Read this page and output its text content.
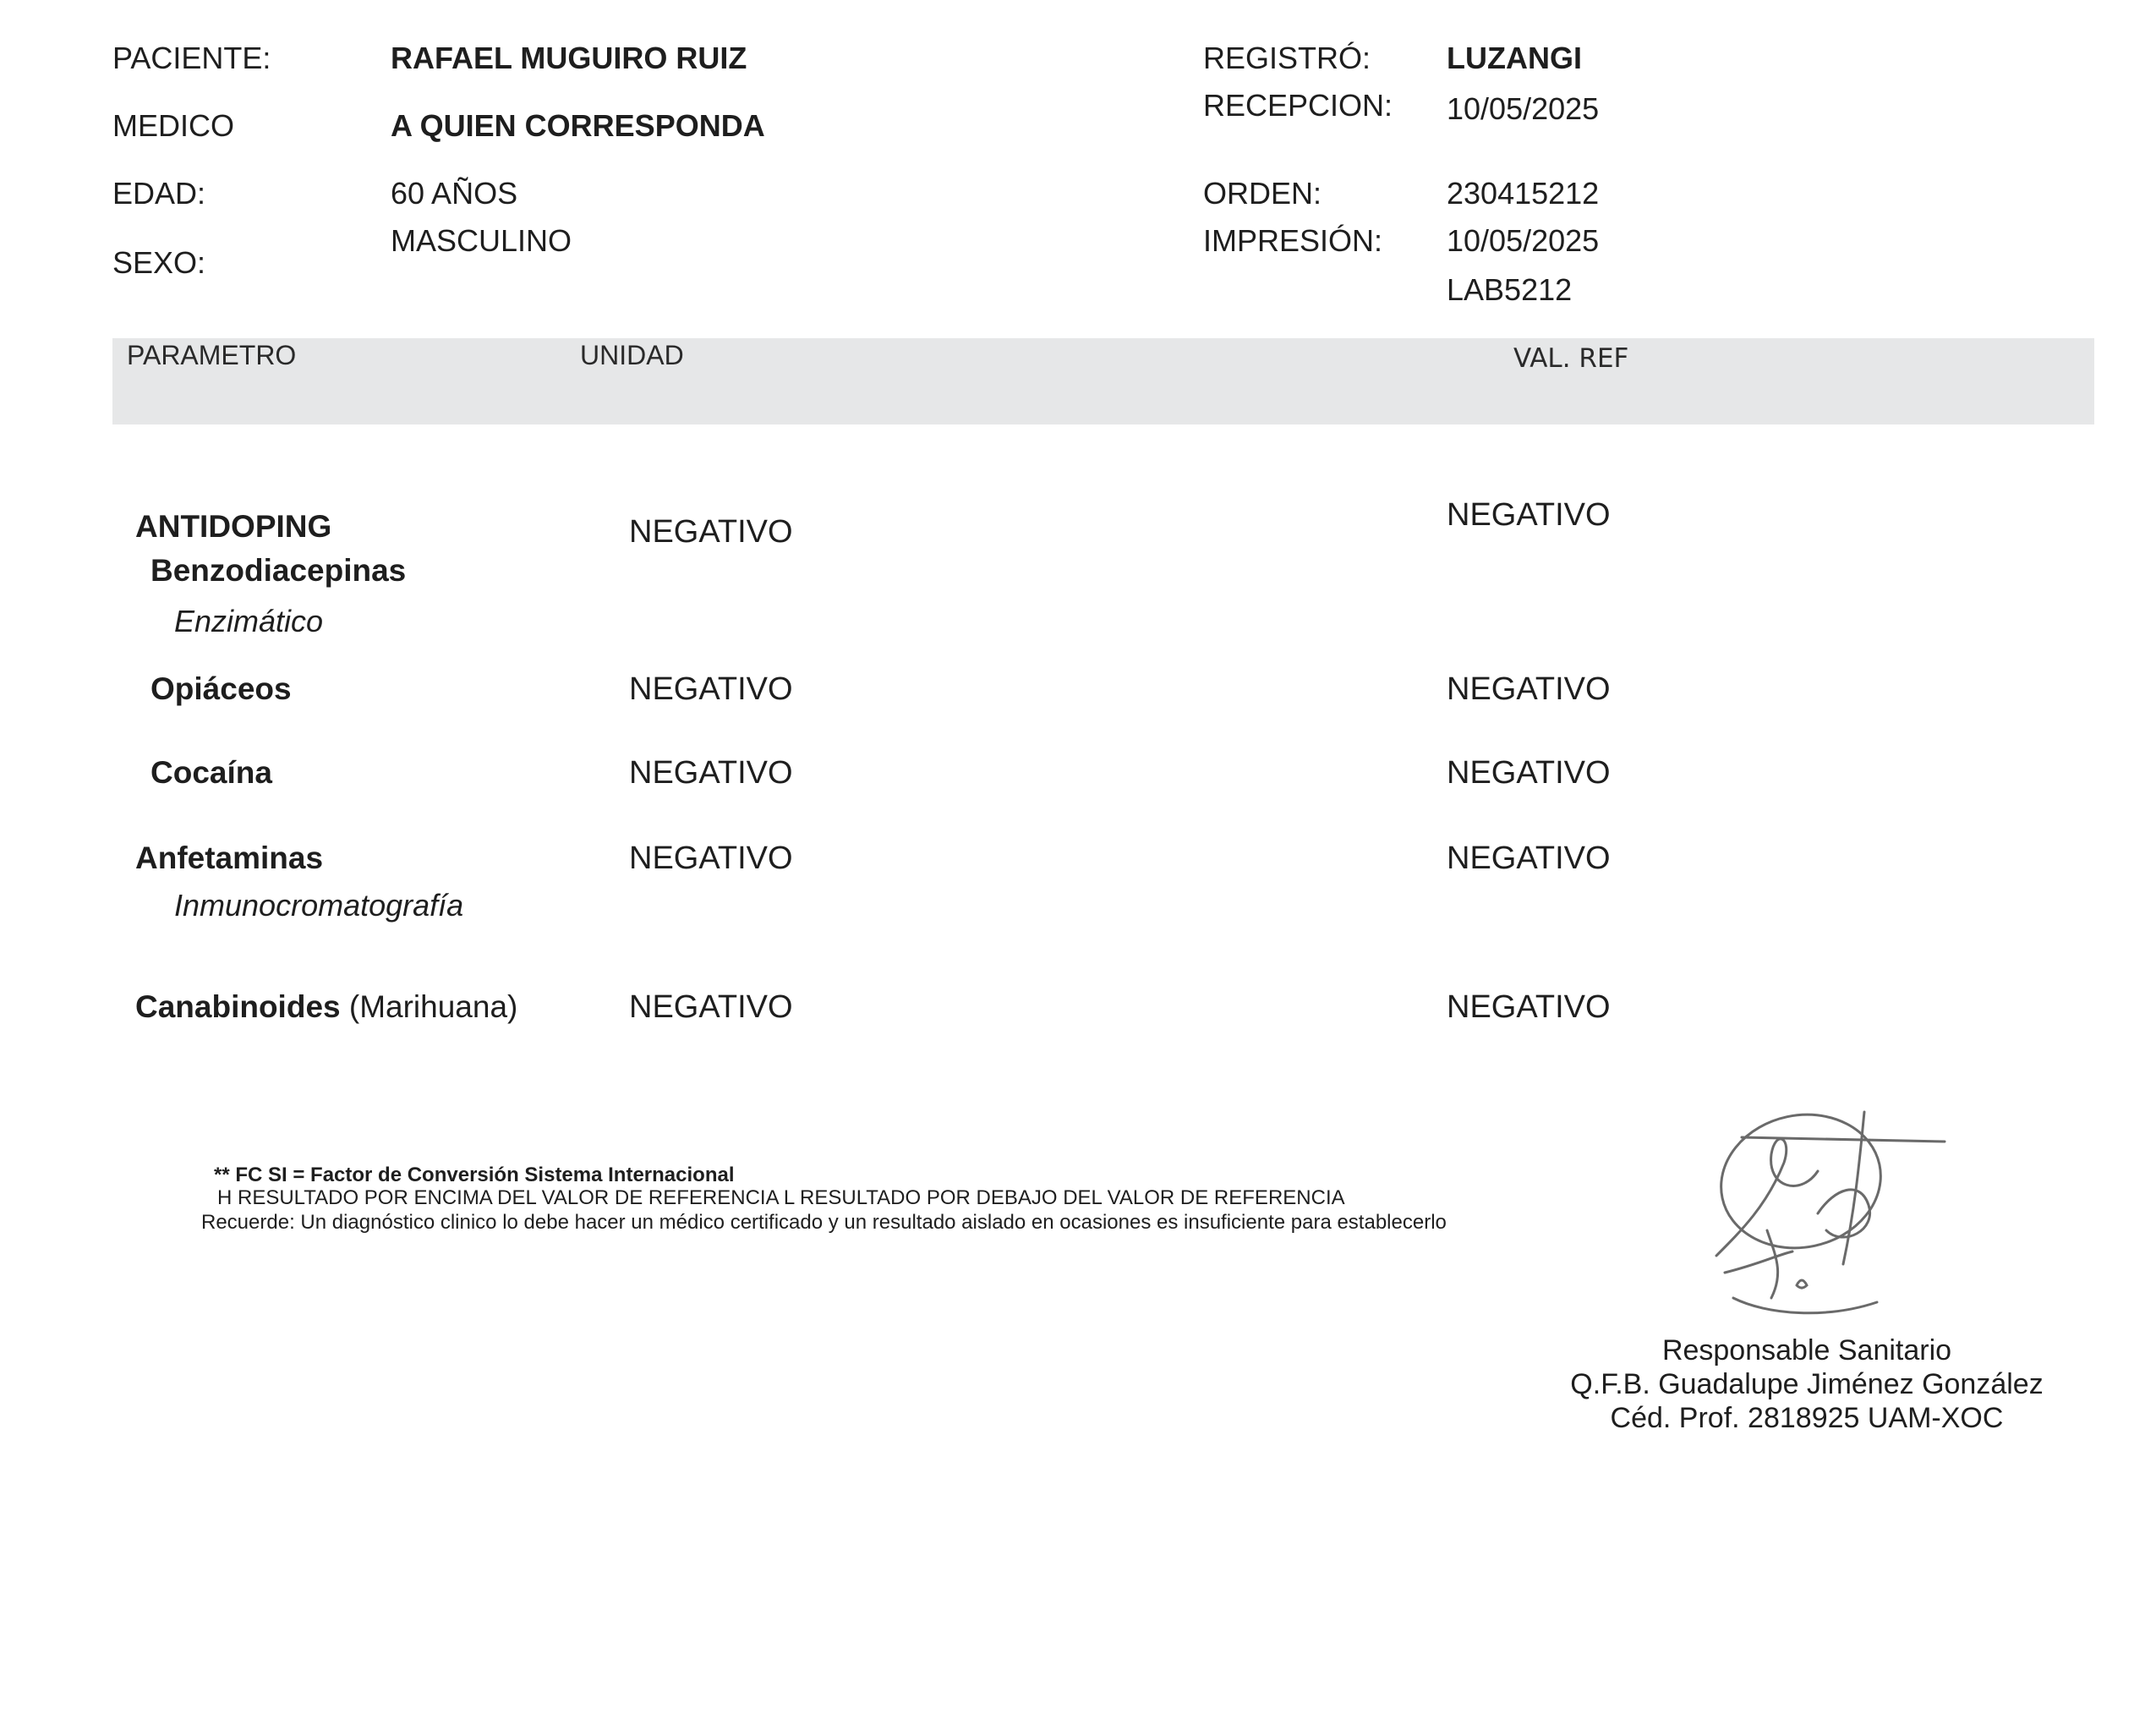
PACIENTE:	RAFAEL MUGUIRO RUIZ
MEDICO	A QUIEN CORRESPONDA
EDAD:	60 AÑOS
SEXO:
MASCULINO
REGISTRÓ: LUZANGI
RECEPCION: 10/05/2025
ORDEN:	230415212
IMPRESIÓN: 10/05/2025
LAB5212
PARAMETRO	UNIDAD	VAL. REF
ANTIDOPING
Benzodiacepinas
Enzimático
NEGATIVO	NEGATIVO
Opiáceos	NEGATIVO	NEGATIVO
Cocaína	NEGATIVO	NEGATIVO
Anfetaminas
Inmunocromatografía
NEGATIVO	NEGATIVO
Canabinoides (Marihuana)	NEGATIVO	NEGATIVO
** FC SI = Factor de Conversión Sistema Internacional
H RESULTADO POR ENCIMA DEL VALOR DE REFERENCIA L RESULTADO POR DEBAJO DEL VALOR DE REFERENCIA
Recuerde: Un diagnóstico clinico lo debe hacer un médico certificado y un resultado aislado en ocasiones es insuficiente para establecerlo
Responsable Sanitario
Q.F.B. Guadalupe Jiménez González
Céd. Prof. 2818925 UAM-XOC
